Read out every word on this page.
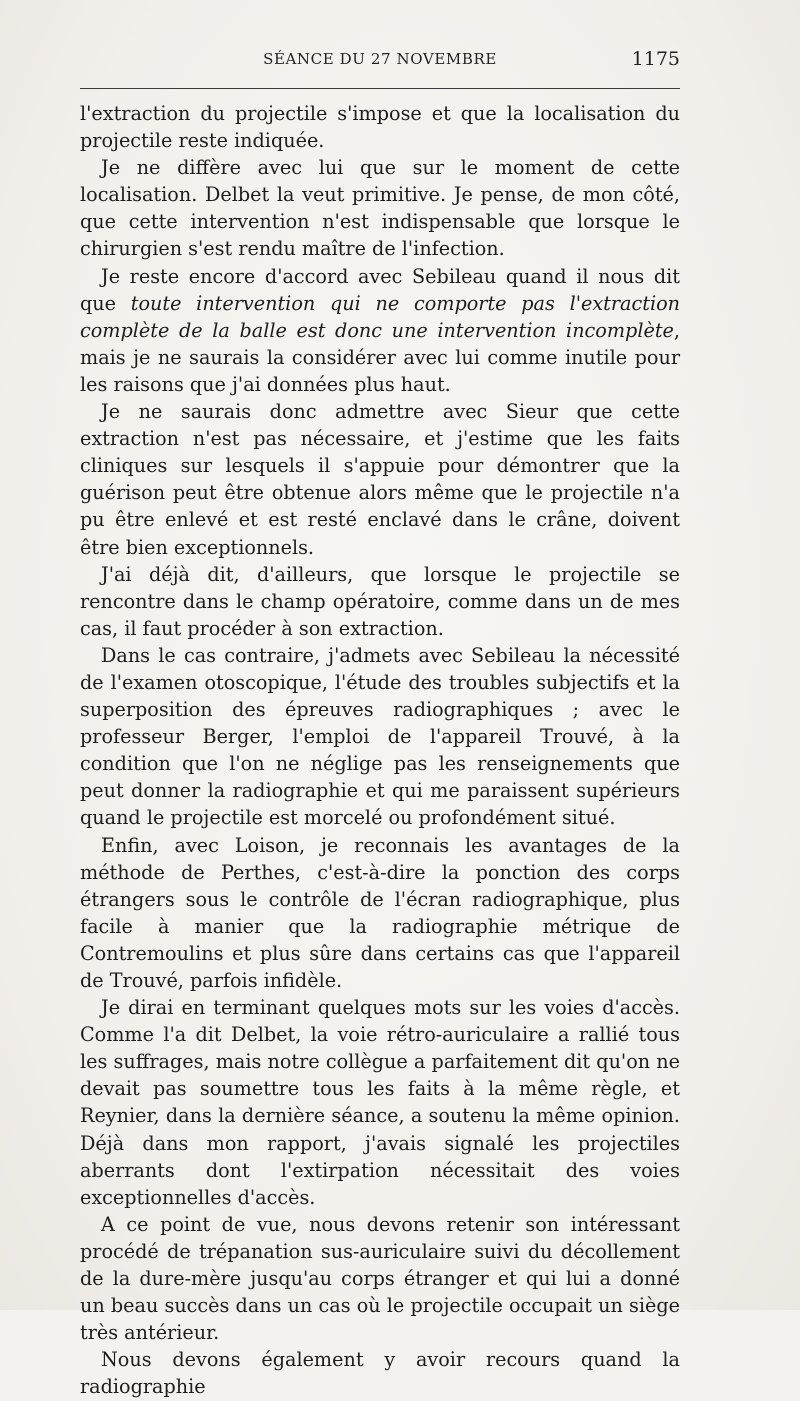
SÉANCE DU 27 NOVEMBRE	1175

l'extraction du projectile s'impose et que la localisation du projectile reste indiquée.

Je ne diffère avec lui que sur le moment de cette localisation. Delbet la veut primitive. Je pense, de mon côté, que cette intervention n'est indispensable que lorsque le chirurgien s'est rendu maître de l'infection.

Je reste encore d'accord avec Sebileau quand il nous dit que toute intervention qui ne comporte pas l'extraction complète de la balle est donc une intervention incomplète, mais je ne saurais la considérer avec lui comme inutile pour les raisons que j'ai données plus haut.

Je ne saurais donc admettre avec Sieur que cette extraction n'est pas nécessaire, et j'estime que les faits cliniques sur lesquels il s'appuie pour démontrer que la guérison peut être obtenue alors même que le projectile n'a pu être enlevé et est resté enclavé dans le crâne, doivent être bien exceptionnels.

J'ai déjà dit, d'ailleurs, que lorsque le projectile se rencontre dans le champ opératoire, comme dans un de mes cas, il faut procéder à son extraction.

Dans le cas contraire, j'admets avec Sebileau la nécessité de l'examen otoscopique, l'étude des troubles subjectifs et la superposition des épreuves radiographiques ; avec le professeur Berger, l'emploi de l'appareil Trouvé, à la condition que l'on ne néglige pas les renseignements que peut donner la radiographie et qui me paraissent supérieurs quand le projectile est morcelé ou profondément situé.

Enfin, avec Loison, je reconnais les avantages de la méthode de Perthes, c'est-à-dire la ponction des corps étrangers sous le contrôle de l'écran radiographique, plus facile à manier que la radiographie métrique de Contremoulins et plus sûre dans certains cas que l'appareil de Trouvé, parfois infidèle.

Je dirai en terminant quelques mots sur les voies d'accès. Comme l'a dit Delbet, la voie rétro-auriculaire a rallié tous les suffrages, mais notre collègue a parfaitement dit qu'on ne devait pas soumettre tous les faits à la même règle, et Reynier, dans la dernière séance, a soutenu la même opinion. Déjà dans mon rapport, j'avais signalé les projectiles aberrants dont l'extirpation nécessitait des voies exceptionnelles d'accès.

A ce point de vue, nous devons retenir son intéressant procédé de trépanation sus-auriculaire suivi du décollement de la dure-mère jusqu'au corps étranger et qui lui a donné un beau succès dans un cas où le projectile occupait un siège très antérieur.

Nous devons également y avoir recours quand la radiographie
